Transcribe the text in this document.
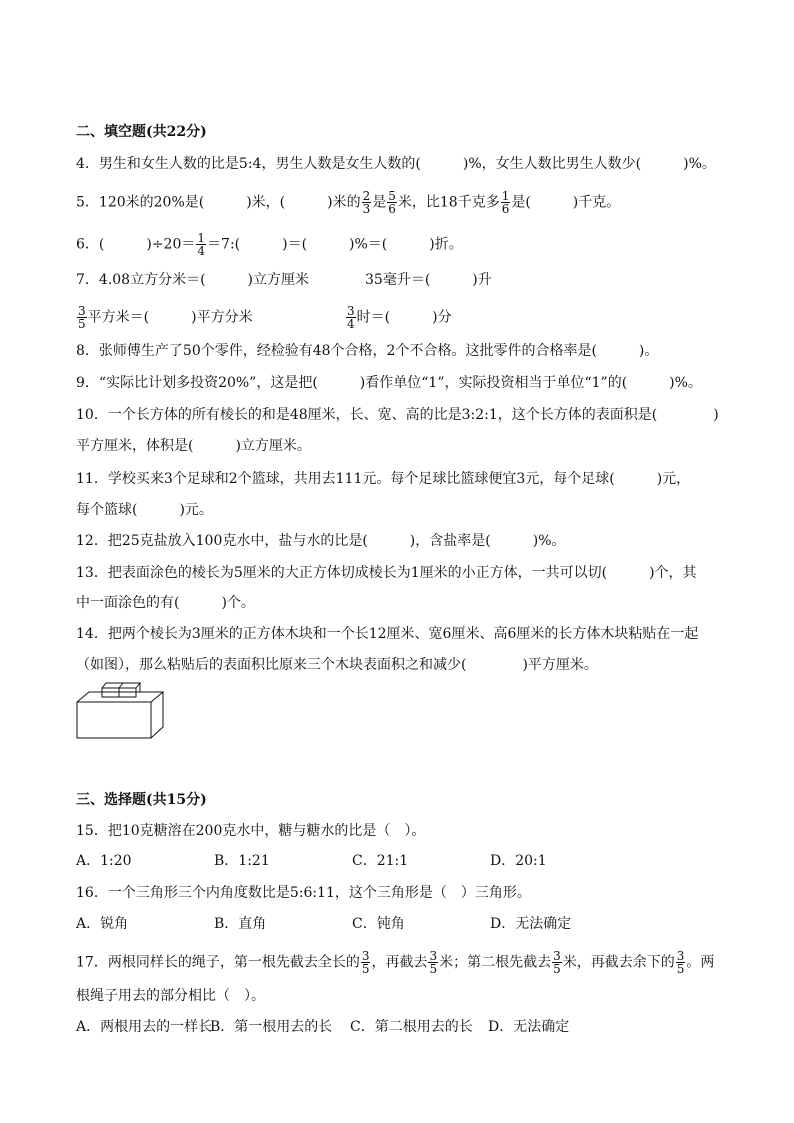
二、填空题(共22分)
4．男生和女生人数的比是5:4，男生人数是女生人数的(　　　)%，女生人数比男生人数少(　　　)%。
5．120米的20%是(　　　)米，(　　　)米的 $\frac{2}{3}$ 是 $\frac{5}{6}$ 米，比18千克多 $\frac{1}{6}$ 是(　　　)千克。
6．(　　　)$\div 20= \frac{1}{4}$ ＝7:(　　　)＝(　　　)%＝(　　　)折。
7．4.08立方分米＝(　　　)立方厘米	35毫升＝(　　　)升
$\frac{3}{5}$ 平方米＝(　　　)平方分米	$\frac{3}{4}$ 时＝(　　　)分
8．张师傅生产了50个零件，经检验有48个合格，2个不合格。这批零件的合格率是(　　　)。
9．“实际比计划多投资20%”，这是把(　　　)看作单位“1”，实际投资相当于单位“1”的(　　　)%。
10．一个长方体的所有棱长的和是48厘米，长、宽、高的比是3:2:1，这个长方体的表面积是(　　　　)
平方厘米，体积是(　　　)立方厘米。
11．学校买来3个足球和2个篮球，共用去111元。每个足球比篮球便宜3元，每个足球(　　　)元，
每个篮球(　　　)元。
12．把25克盐放入100克水中，盐与水的比是(　　　)，含盐率是(　　　)%。
13．把表面涂色的棱长为5厘米的大正方体切成棱长为1厘米的小正方体，一共可以切(　　　)个，其
中一面涂色的有(　　　)个。
14．把两个棱长为3厘米的正方体木块和一个长12厘米、宽6厘米、高6厘米的长方体木块粘贴在一起
（如图），那么粘贴后的表面积比原来三个木块表面积之和减少(　　　　)平方厘米。
三、选择题(共15分)
15．把10克糖溶在200克水中，糖与糖水的比是（　）。
A．1:20	B．1:21	C．21:1	D．20:1
16．一个三角形三个内角度数比是5:6:11，这个三角形是（　）三角形。
A．锐角	B．直角	C．钝角	D．无法确定
17．两根同样长的绳子，第一根先截去全长的 $\frac{3}{5}$ ，再截去 $\frac{3}{5}$ 米；第二根先截去 $\frac{3}{5}$ 米，再截去余下的 $\frac{3}{5}$ 。两
根绳子用去的部分相比（　）。
A．两根用去的一样长
B．第一根用去的长 C．第二根用去的长 D．无法确定
